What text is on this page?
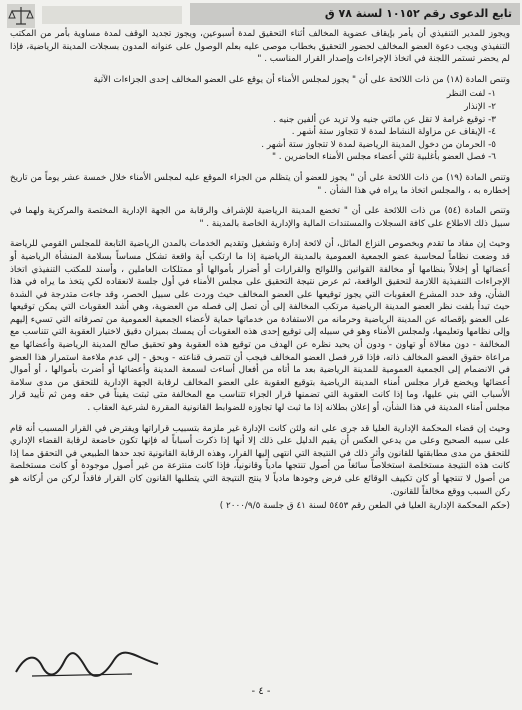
تابع الدعوى رقم ١٠١٥٢ لسنة ٧٨ ق

ويجوز للمدير التنفيذي أن يأمر بإيقاف عضوية المخالف أثناء التحقيق لمدة أسبوعين، ويجوز تجديد الوقف لمدة مساوية بأمر من المكتب التنفيذي ويجب دعوة العضو المخالف لحضور التحقيق بخطاب موصى عليه بعلم الوصول على عنوانه المدون بسجلات المدينة الرياضية، فإذا لم يحضر تستمر اللجنة في اتخاذ الإجراءات وإصدار القرار المناسب . "

وتنص المادة (١٨) من ذات اللائحة على أن " يجوز لمجلس الأمناء أن يوقع على العضو المخالف إحدى الجزاءات الآتية

١- لفت النظر
٢- الإنذار
٣- توقيع غرامة لا تقل عن مائتي جنيه ولا تزيد عن ألفين جنيه .
٤- الإيقاف عن مزاولة النشاط لمدة لا تتجاوز ستة أشهر .
٥- الحرمان من دخول المدينة الرياضية لمدة لا تتجاوز ستة أشهر .
٦- فصل العضو بأغلبية ثلثي أعضاء مجلس الأمناء الحاضرين . "

وتنص المادة (١٩) من ذات اللائحة على أن " يجوز للعضو أن يتظلم من الجزاء الموقع عليه لمجلس الأمناء خلال خمسة عشر يوماً من تاريخ إخطاره به ، والمجلس اتخاذ ما يراه في هذا الشأن . "

وتنص المادة (٥٤) من ذات اللائحة على أن " تخضع المدينة الرياضية للإشراف والرقابة من الجهة الإدارية المختصة والمركزية ولهما في سبيل ذلك الاطلاع على كافة السجلات والمستندات المالية والإدارية الخاصة بالمدينة . "

وحيث إن مفاد ما تقدم وبخصوص النزاع الماثل، أن لائحة إدارة وتشغيل وتقديم الخدمات بالمدن الرياضية التابعة للمجلس القومي للرياضة قد وضعت نظاماً لمحاسبة عضو الجمعية العمومية بالمدينة الرياضية إذا ما ارتكب أية واقعة تشكل مساساً بسلامة المنشأة الرياضية أو أعضائها أو إخلالاً بنظامها أو مخالفة القوانين واللوائح والقرارات أو أضرار بأموالها أو ممتلكات العاملين ، وأسند للمكتب التنفيذي اتخاذ الإجراءات التنفيذية اللازمة لتحقيق الواقعة، ثم عرض نتيجة التحقيق على مجلس الأمناء في أول جلسة لانعقاده لكي يتخذ ما يراه في هذا الشأن، وقد حدد المشرع العقوبات التي يجوز توقيعها على العضو المخالف حيث وردت على سبيل الحصر، وقد جاءت متدرجة في الشدة حيث تبدأ بلفت نظر العضو المدينة الرياضية مرتكب المخالفة إلى أن تصل إلى فصله من العضوية، وهي أشد العقوبات التي يمكن توقيعها على العضو بإقصائه عن المدينة الرياضية وحرمانه من الاستفادة من خدماتها حماية لأعضاء الجمعية العمومية من تصرفاته التي تسيء إليهم وإلى نظامها وتعليمها، ولمجلس الأمناء وهو في سبيله إلى توقيع إحدى هذه العقوبات أن يمسك بميزان دقيق لاختيار العقوبة التي تتناسب مع المخالفة - دون مغالاة أو تهاون - ودون أن يحيد نظره عن الهدف من توقيع هذه العقوبة وهو تحقيق صالح المدينة الرياضية وأعضائها مع مراعاة حقوق العضو المخالف ذاته، فإذا قرر فصل العضو المخالف فيجب أن تتصرف قناعته - وبحق - إلى عدم ملاءمة استمرار هذا العضو في الانضمام إلى الجمعية العمومية للمدينة الرياضية بعد ما أتاه من أفعال أساءت لسمعة المدينة وأعضائها أو أضرت بأموالها ، أو أموال أعضائها ويخضع قرار مجلس أمناء المدينة الرياضية بتوقيع العقوبة على العضو المخالف لرقابة الجهة الإدارية للتحقق من مدى سلامة الأسباب التي بني عليها، وما إذا كانت العقوبة التي تضمنها قرار الجزاء تتناسب مع المخالفة متى ثبتت يقيناً في حقه ومن ثم تأييد قرار مجلس أمناء المدينة في هذا الشأن، أو إعلان بطلانه إذا ما ثبت لها تجاوزه للضوابط القانونية المقررة لشرعية العقاب .

وحيث إن قضاء المحكمة الإدارية العليا قد جرى على انه ولئن كانت الإدارة غير ملزمة بتسبيب قراراتها ويفترض في القرار المسبب أنه قام على سببه الصحيح وعلى من يدعي العكس أن يقيم الدليل على ذلك إلا أنها إذا ذكرت أسباباً له فإنها تكون خاضعة لرقابة القضاء الإداري للتحقق من مدى مطابقتها للقانون وأثر ذلك في النتيجة التي انتهى إليها القرار، وهذه الرقابة القانونية تجد حدها الطبيعي في التحقق مما إذا كانت هذه النتيجة مستخلصة استخلاصاً سائغاً من أصول تنتجها مادياً وقانونياً، فإذا كانت منتزعة من غير أصول موجودة أو كانت مستخلصة من أصول لا تنتجها أو كان تكييف الوقائع على فرض وجودها مادياً لا ينتج النتيجة التي يتطلبها القانون كان القرار فاقداً لركن من أركانه هو ركن السبب ووقع مخالفاً للقانون.

(حكم المحكمة الإدارية العليا في الطعن رقم ٥٤٥٣ لسنة ٤١ ق جلسة ٢٠٠٠/٩/٥ )

- ٤ -
